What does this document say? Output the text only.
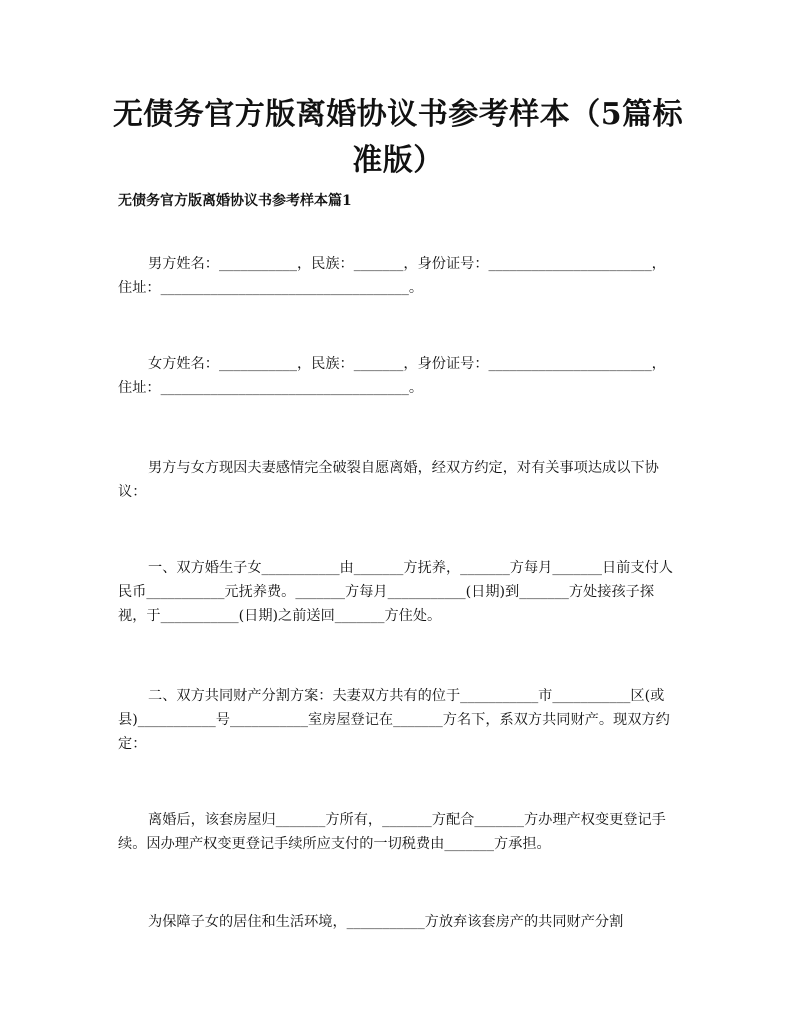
无债务官方版离婚协议书参考样本（5篇标准版）

无债务官方版离婚协议书参考样本篇1

男方姓名：___________，民族：_______，身份证号：_______________________，住址：___________________________________。

女方姓名：___________，民族：_______，身份证号：_______________________，住址：___________________________________。

男方与女方现因夫妻感情完全破裂自愿离婚，经双方约定，对有关事项达成以下协议：

一、双方婚生子女___________由_______方抚养，_______方每月_______日前支付人民币___________元抚养费。_______方每月___________(日期)到_______方处接孩子探视，于___________(日期)之前送回_______方住处。

二、双方共同财产分割方案：夫妻双方共有的位于___________市___________区(或县)___________号___________室房屋登记在_______方名下，系双方共同财产。现双方约定：

离婚后，该套房屋归_______方所有，_______方配合_______方办理产权变更登记手续。因办理产权变更登记手续所应支付的一切税费由_______方承担。

为保障子女的居住和生活环境，___________方放弃该套房产的共同财产分割
